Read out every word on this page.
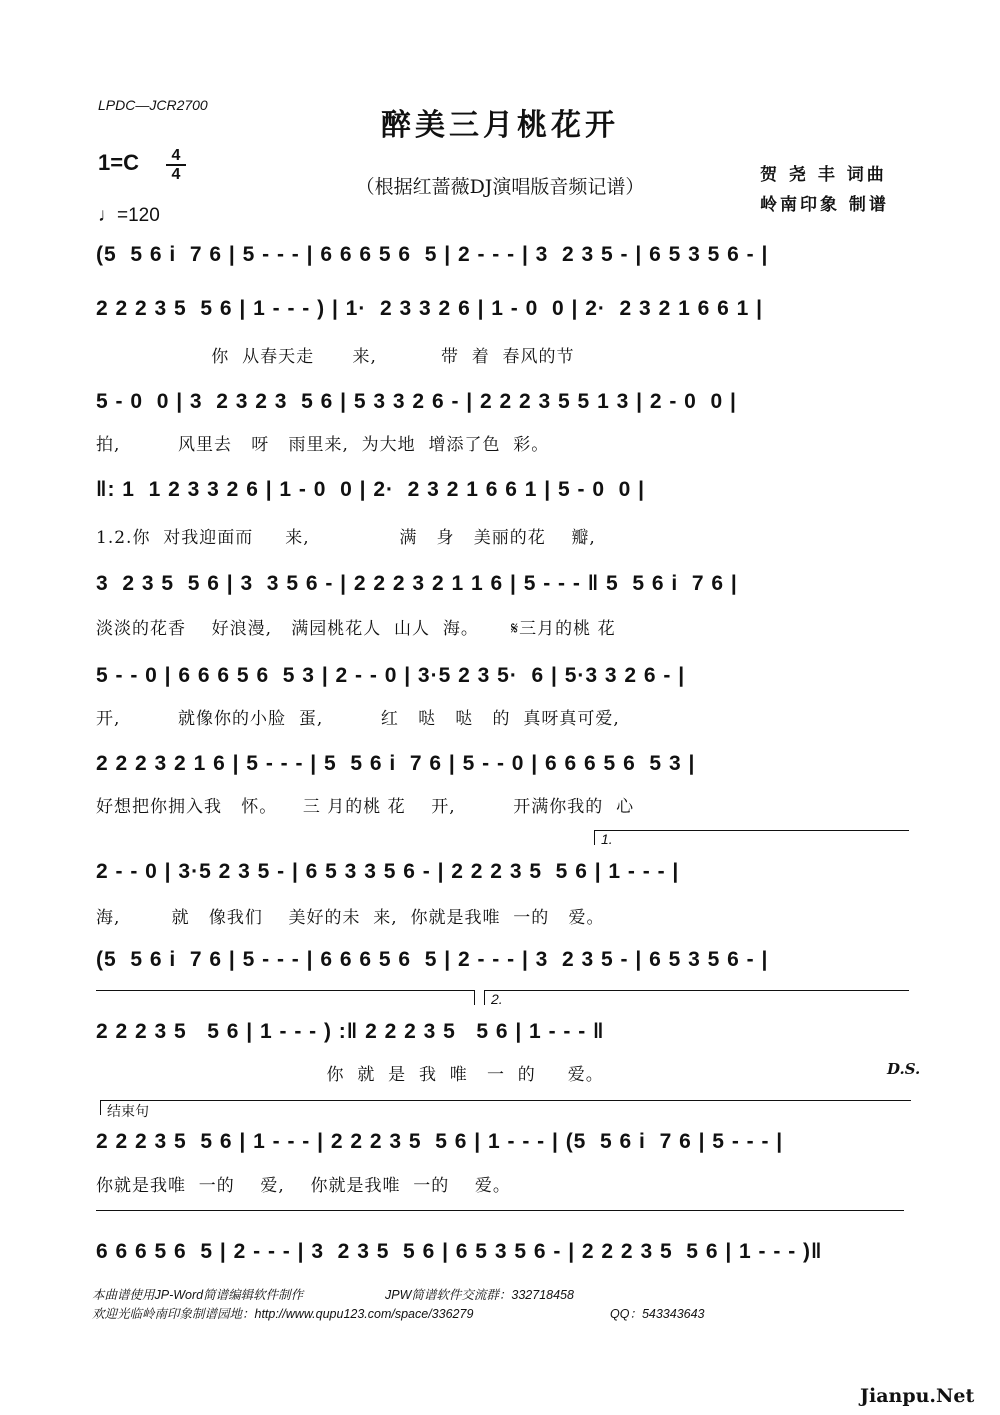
LPDC—JCR2700
醉美三月桃花开
（根据红蔷薇DJ演唱版音频记谱）
1=C	4
4
♩=120
贺 尧 丰 词曲
岭南印象 制谱
(5  5 6 i  7 6 | 5 - - - | 6 6 6 5 6  5 | 2 - - - | 3  2 3 5 - | 6 5 3 5 6 - |
2 2 2 3 5  5 6 | 1 - - - ) | 1·  2 3 3 2 6 | 1 - 0  0 | 2·  2 3 2 1 6 6 1 |
你  从春天走      来,          带  着  春风的节
5 - 0  0 | 3  2 3 2 3  5 6 | 5 3 3 2 6 - | 2 2 2 3 5 5 1 3 | 2 - 0  0 |
拍,         风里去   呀   雨里来,  为大地  增添了色  彩。
‖: 1  1 2 3 3 2 6 | 1 - 0  0 | 2·  2 3 2 1 6 6 1 | 5 - 0  0 |
1.2.你  对我迎面而     来,              满   身   美丽的花    瓣,
3  2 3 5  5 6 | 3  3 5 6 - | 2 2 2 3 2 1 1 6 | 5 - - - ‖ 5  5 6 i  7 6 |
淡淡的花香    好浪漫,   满园桃花人  山人  海。     𝄋三月的桃 花
5 - - 0 | 6 6 6 5 6  5 3 | 2 - - 0 | 3·5 2 3 5·  6 | 5·3 3 2 6 - |
开,         就像你的小脸  蛋,         红   哒   哒   的  真呀真可爱,
2 2 2 3 2 1 6 | 5 - - - | 5  5 6 i  7 6 | 5 - - 0 | 6 6 6 5 6  5 3 |
好想把你拥入我   怀。    三 月的桃 花    开,         开满你我的  心
1.
2 - - 0 | 3·5 2 3 5 - | 6 5 3 3 5 6 - | 2 2 2 3 5  5 6 | 1 - - - |
海,        就   像我们    美好的未  来,  你就是我唯  一的   爱。
(5  5 6 i  7 6 | 5 - - - | 6 6 6 5 6  5 | 2 - - - | 3  2 3 5 - | 6 5 3 5 6 - |
2.
2 2 2 3 5   5 6 | 1 - - - ) :‖ 2 2 2 3 5   5 6 | 1 - - - ‖
你  就  是  我  唯   一  的     爱。	D.S.
结束句
2 2 2 3 5  5 6 | 1 - - - | 2 2 2 3 5  5 6 | 1 - - - | (5  5 6 i  7 6 | 5 - - - |
你就是我唯  一的    爱,    你就是我唯  一的    爱。
6 6 6 5 6  5 | 2 - - - | 3  2 3 5  5 6 | 6 5 3 5 6 - | 2 2 2 3 5  5 6 | 1 - - - )‖
本曲谱使用JP-Word简谱编辑软件制作	JPW简谱软件交流群：332718458
欢迎光临岭南印象制谱园地：http://www.qupu123.com/space/336279	QQ：543343643
Jianpu.Net
